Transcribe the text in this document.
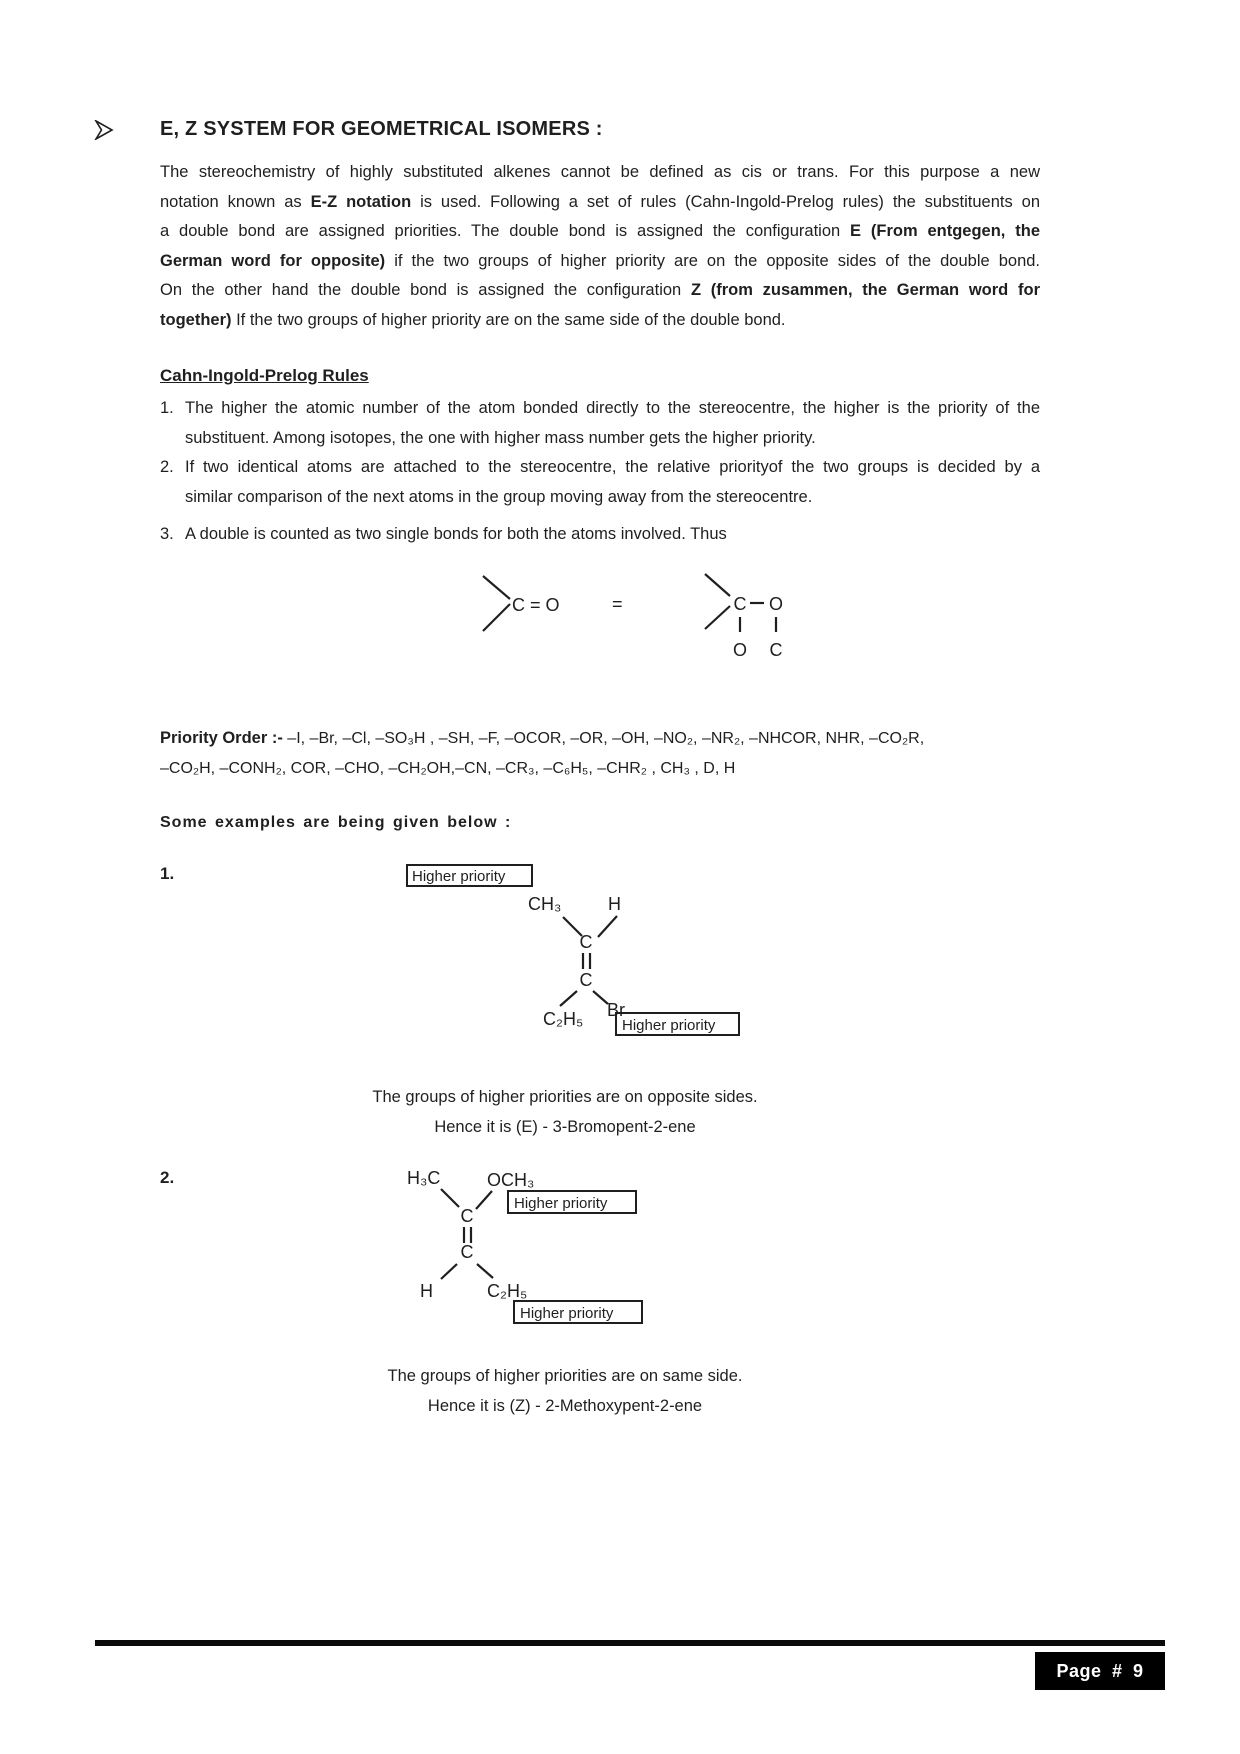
E, Z SYSTEM FOR GEOMETRICAL ISOMERS :
The stereochemistry of highly substituted alkenes cannot be defined as cis or trans. For this purpose a new
notation known as E-Z notation is used. Following a set of rules (Cahn-Ingold-Prelog rules) the substituents on
a double bond are assigned priorities. The double bond is assigned the configuration E (From entgegen, the
German word for opposite) if the two groups of higher priority are on the opposite sides of the double bond.
On the other hand the double bond is assigned the configuration Z (from zusammen, the German word for
together) If the two groups of higher priority are on the same side of the double bond.
Cahn-Ingold-Prelog Rules
1. The higher the atomic number of the atom bonded directly to the stereocentre, the higher is the priority of the
substituent. Among isotopes, the one with higher mass number gets the higher priority.
2. If two identical atoms are attached to the stereocentre, the relative priorityof the two groups is decided by a
similar comparison of the next atoms in the group moving away from the stereocentre.
3. A double is counted as two single bonds for both the atoms involved. Thus
C = O	=	C O
O C
Priority Order :- –I, –Br, –Cl, –SO₃H , –SH, –F, –OCOR, –OR, –OH, –NO₂, –NR₂, –NHCOR, NHR, –CO₂R,
–CO₂H, –CONH₂, COR, –CHO, –CH₂OH,–CN, –CR₃, –C₆H₅, –CHR₂ , CH₃ , D, H
Some examples are being given below :
1.	Higher priority
CH₃	H
C
C
C₂H₅ Br
Higher priority
The groups of higher priorities are on opposite sides.
Hence it is (E) - 3-Bromopent-2-ene
2.	H₃C	OCH₃
Higher priority
C
C
H	C₂H₅
Higher priority
The groups of higher priorities are on same side.
Hence it is (Z) - 2-Methoxypent-2-ene
Page # 9
